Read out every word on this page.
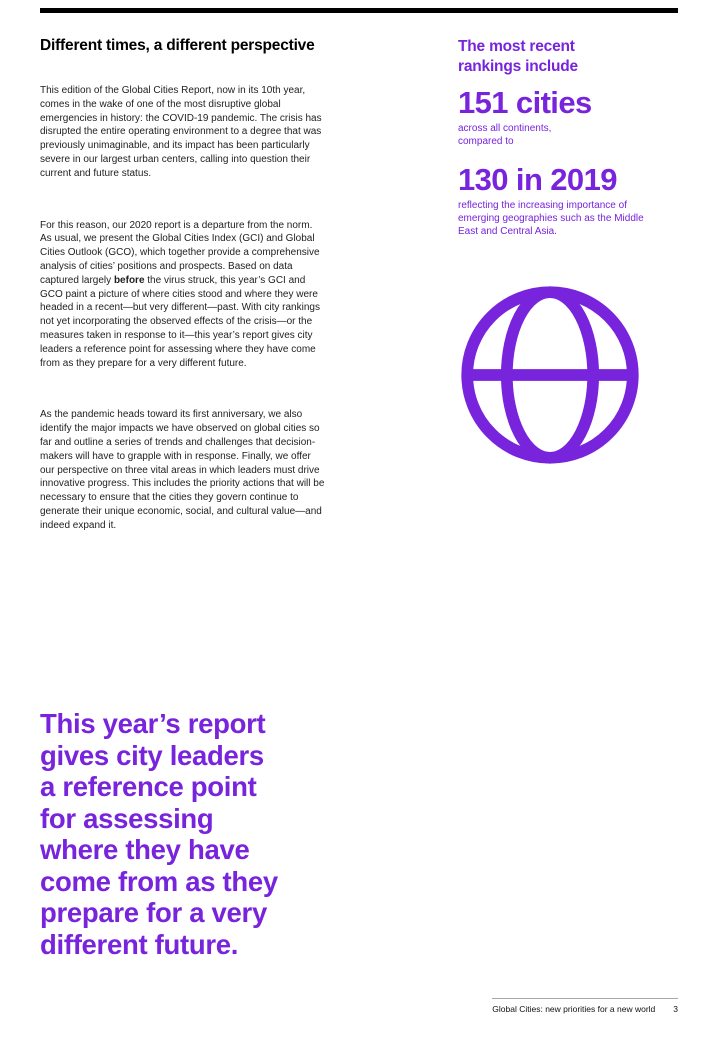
Different times, a different perspective

This edition of the Global Cities Report, now in its 10th year, comes in the wake of one of the most disruptive global emergencies in history: the COVID-19 pandemic. The crisis has disrupted the entire operating environment to a degree that was previously unimaginable, and its impact has been particularly severe in our largest urban centers, calling into question their current and future status.

For this reason, our 2020 report is a departure from the norm. As usual, we present the Global Cities Index (GCI) and Global Cities Outlook (GCO), which together provide a comprehensive analysis of cities’ positions and prospects. Based on data captured largely before the virus struck, this year’s GCI and GCO paint a picture of where cities stood and where they were headed in a recent—but very different—past. With city rankings not yet incorporating the observed effects of the crisis—or the measures taken in response to it—this year’s report gives city leaders a reference point for assessing where they have come from as they prepare for a very different future.

As the pandemic heads toward its first anniversary, we also identify the major impacts we have observed on global cities so far and outline a series of trends and challenges that decision-makers will have to grapple with in response. Finally, we offer our perspective on three vital areas in which leaders must drive innovative progress. This includes the priority actions that will be necessary to ensure that the cities they govern continue to generate their unique economic, social, and cultural value—and indeed expand it.

The most recent rankings include
151 cities
across all continents, compared to
130 in 2019
reflecting the increasing importance of emerging geographies such as the Middle East and Central Asia.
This year’s report
gives city leaders
a reference point
for assessing
where they have
come from as they
prepare for a very
different future.
Global Cities: new priorities for a new world 3
